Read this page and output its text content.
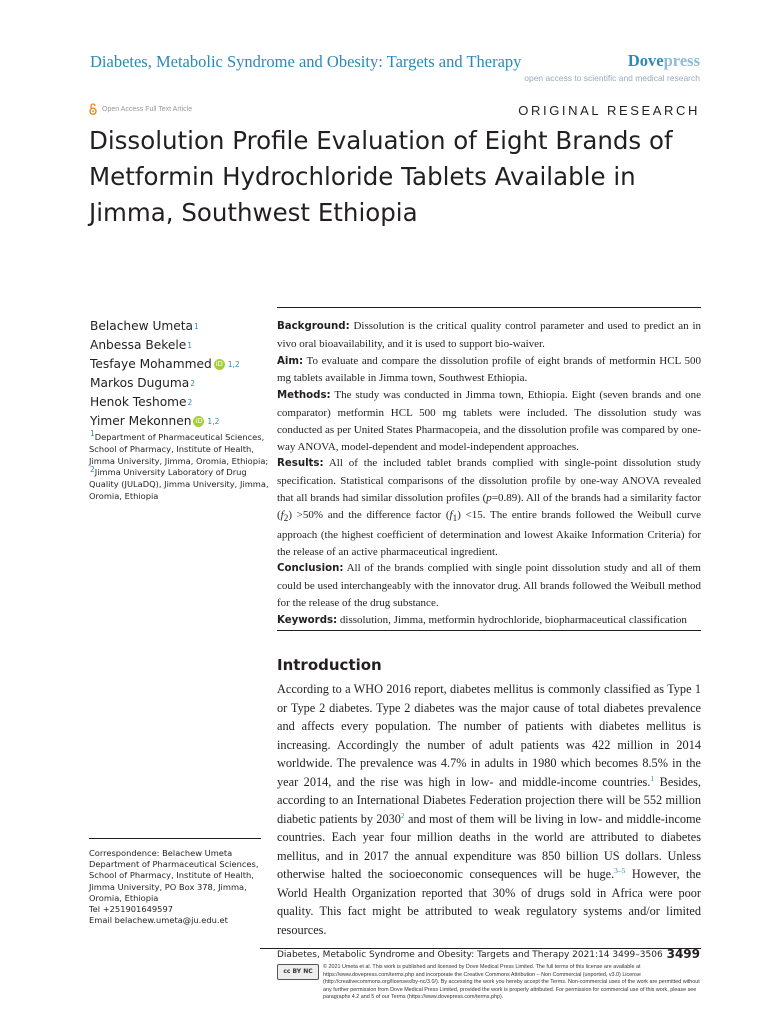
Diabetes, Metabolic Syndrome and Obesity: Targets and Therapy	Dovepress
open access to scientific and medical research
Open Access Full Text Article	ORIGINAL RESEARCH
Dissolution Profile Evaluation of Eight Brands of Metformin Hydrochloride Tablets Available in Jimma, Southwest Ethiopia
Belachew Umeta 1
Anbessa Bekele 1
Tesfaye Mohammed iD 1,2
Markos Duguma 2
Henok Teshome 2
Yimer Mekonnen iD 1,2
$^1$Department of Pharmaceutical Sciences, School of Pharmacy, Institute of Health, Jimma University, Jimma, Oromia, Ethiopia; $^2$Jimma University Laboratory of Drug Quality (JULaDQ), Jimma University, Jimma, Oromia, Ethiopia

Background: Dissolution is the critical quality control parameter and used to predict an in vivo oral bioavailability, and it is used to support bio-waiver.

Aim: To evaluate and compare the dissolution profile of eight brands of metformin HCL 500 mg tablets available in Jimma town, Southwest Ethiopia.

Methods: The study was conducted in Jimma town, Ethiopia. Eight (seven brands and one comparator) metformin HCL 500 mg tablets were included. The dissolution study was conducted as per United States Pharmacopeia, and the dissolution profile was compared by one-way ANOVA, model-dependent and model-independent approaches.

Results: All of the included tablet brands complied with single-point dissolution study specification. Statistical comparisons of the dissolution profile by one-way ANOVA revealed that all brands had similar dissolution profiles (p=0.89). All of the brands had a similarity factor $(f_2) >50\%$ and the difference factor $(f_1) <15$. The entire brands followed the Weibull curve approach (the highest coefficient of determination and lowest Akaike Information Criteria) for the release of an active pharmaceutical ingredient.

Conclusion: All of the brands complied with single point dissolution study and all of them could be used interchangeably with the innovator drug. All brands followed the Weibull method for the release of the drug substance.

Keywords: dissolution, Jimma, metformin hydrochloride, biopharmaceutical classification

Introduction

According to a WHO 2016 report, diabetes mellitus is commonly classified as Type 1 or Type 2 diabetes. Type 2 diabetes was the major cause of total diabetes prevalence and affects every population. The number of patients with diabetes mellitus is increasing. Accordingly the number of adult patients was 422 million in 2014 worldwide. The prevalence was 4.7% in adults in 1980 which becomes 8.5% in the year 2014, and the rise was high in low- and middle-income countries.$^1$ Besides, according to an International Diabetes Federation projection there will be 552 million diabetic patients by 2030$^2$ and most of them will be living in low- and middle-income countries. Each year four million deaths in the world are attributed to diabetes mellitus, and in 2017 the annual expenditure was 850 billion US dollars. Unless otherwise halted the socioeconomic consequences will be huge.$^{3-5}$ However, the World Health Organization reported that 30% of drugs sold in Africa were poor quality. This fact might be attributed to weak regulatory systems and/or limited resources.

Correspondence: Belachew Umeta
Department of Pharmaceutical Sciences, School of Pharmacy, Institute of Health, Jimma University, PO Box 378, Jimma, Oromia, Ethiopia
Tel +251901649597
Email belachew.umeta@ju.edu.et
Diabetes, Metabolic Syndrome and Obesity: Targets and Therapy 2021:14 3499–3506 3499
cc BY NC
© 2021 Umeta et al. This work is published and licensed by Dove Medical Press Limited. The full terms of this license are available at https://www.dovepress.com/terms.php and incorporate the Creative Commons Attribution – Non Commercial (unported, v3.0) License (http://creativecommons.org/licenses/by-nc/3.0/). By accessing the work you hereby accept the Terms. Non-commercial uses of the work are permitted without any further permission from Dove Medical Press Limited, provided the work is properly attributed. For permission for commercial use of this work, please see paragraphs 4.2 and 5 of our Terms (https://www.dovepress.com/terms.php).
